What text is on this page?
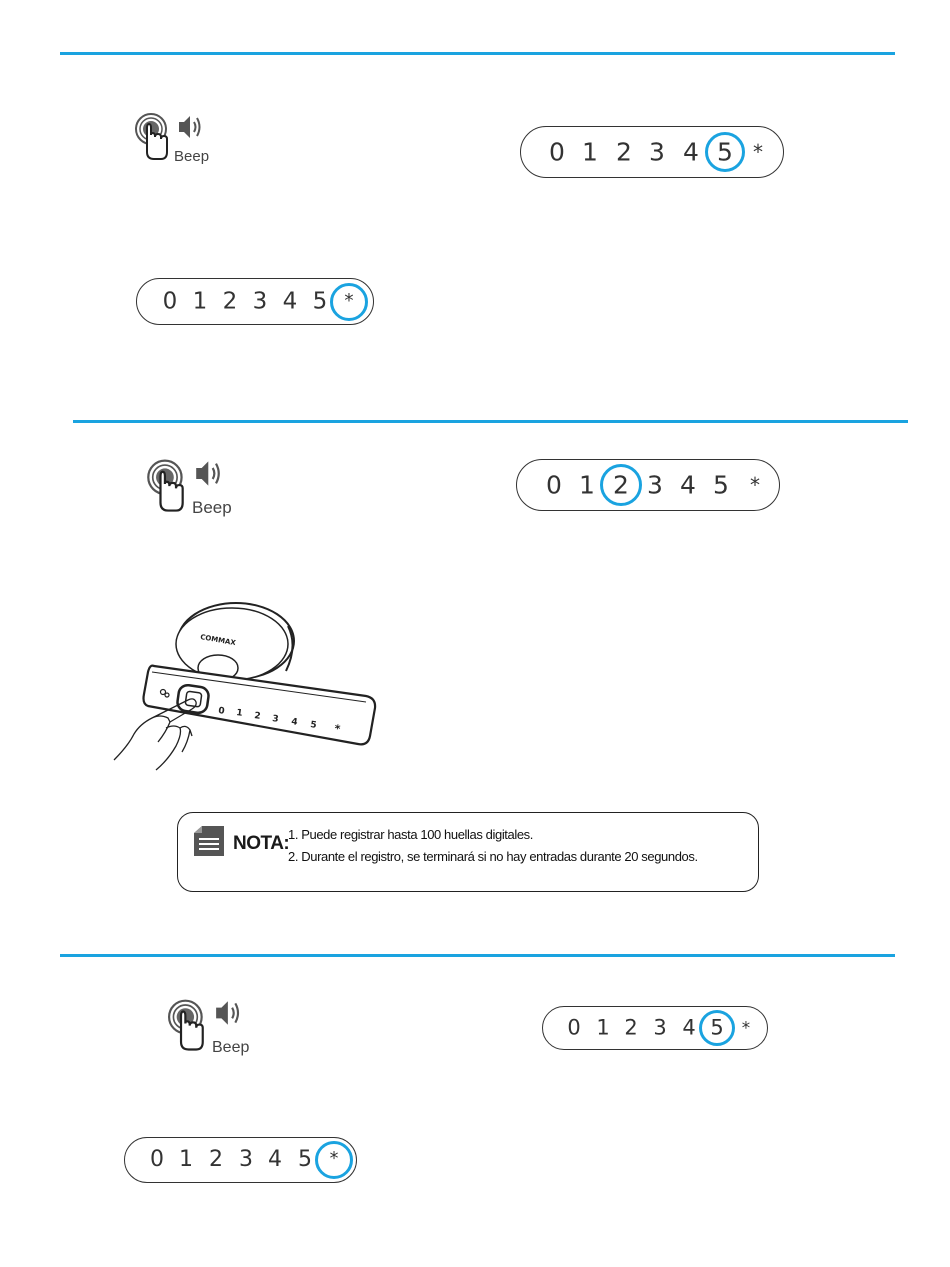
Beep	0 1 2 3 4 5 *
0 1 2 3 4 5 *
Beep
0 1 2 3 4 5 *
COMMAX
0 1 2 3 4 5 *
NOTA:
1. Puede registrar hasta 100 huellas digitales.
2. Durante el registro, se terminará si no hay entradas durante 20 segundos.
Beep
0 1 2 3 4 5 *
0 1 2 3 4 5 *
